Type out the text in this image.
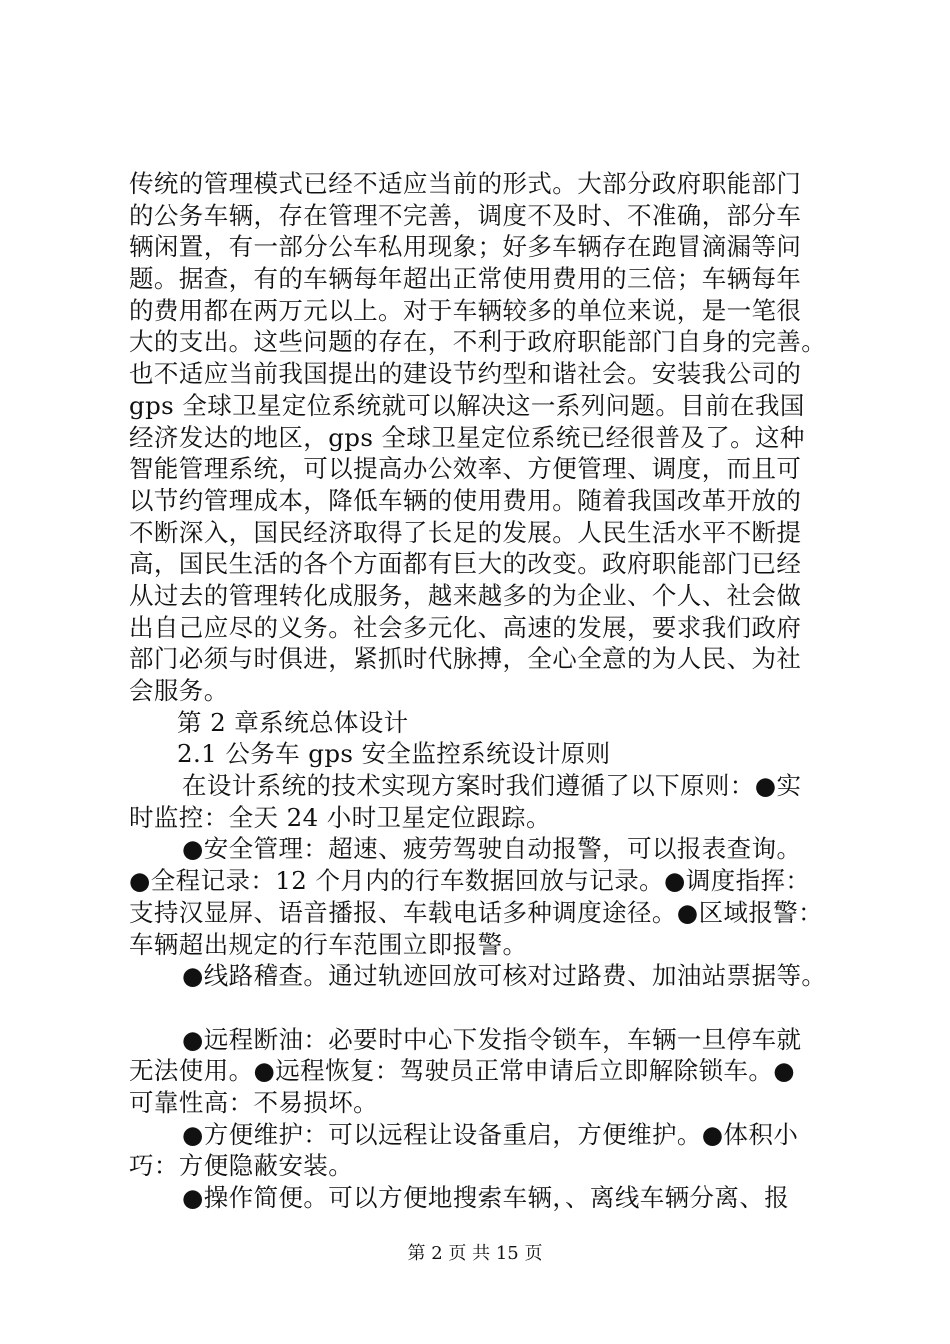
传统的管理模式已经不适应当前的形式。大部分政府职能部门
的公务车辆，存在管理不完善，调度不及时、不准确，部分车
辆闲置，有一部分公车私用现象；好多车辆存在跑冒滴漏等问
题。据查，有的车辆每年超出正常使用费用的三倍；车辆每年
的费用都在两万元以上。对于车辆较多的单位来说，是一笔很
大的支出。这些问题的存在，不利于政府职能部门自身的完善。
也不适应当前我国提出的建设节约型和谐社会。安装我公司的
gps 全球卫星定位系统就可以解决这一系列问题。目前在我国
经济发达的地区，gps 全球卫星定位系统已经很普及了。这种
智能管理系统，可以提高办公效率、方便管理、调度，而且可
以节约管理成本，降低车辆的使用费用。随着我国改革开放的
不断深入，国民经济取得了长足的发展。人民生活水平不断提
高，国民生活的各个方面都有巨大的改变。政府职能部门已经
从过去的管理转化成服务，越来越多的为企业、个人、社会做
出自己应尽的义务。社会多元化、高速的发展，要求我们政府
部门必须与时俱进，紧抓时代脉搏，全心全意的为人民、为社
会服务。
第 2 章系统总体设计
2.1 公务车 gps 安全监控系统设计原则
在设计系统的技术实现方案时我们遵循了以下原则：●实
时监控：全天 24 小时卫星定位跟踪。
●安全管理：超速、疲劳驾驶自动报警，可以报表查询。
●全程记录：12 个月内的行车数据回放与记录。●调度指挥：
支持汉显屏、语音播报、车载电话多种调度途径。●区域报警：
车辆超出规定的行车范围立即报警。
●线路稽查。通过轨迹回放可核对过路费、加油站票据等。
●远程断油：必要时中心下发指令锁车，车辆一旦停车就
无法使用。●远程恢复：驾驶员正常申请后立即解除锁车。●
可靠性高：不易损坏。
●方便维护：可以远程让设备重启，方便维护。●体积小
巧：方便隐蔽安装。
●操作简便。可以方便地搜索车辆，、离线车辆分离、报
第 2 页 共 15 页
